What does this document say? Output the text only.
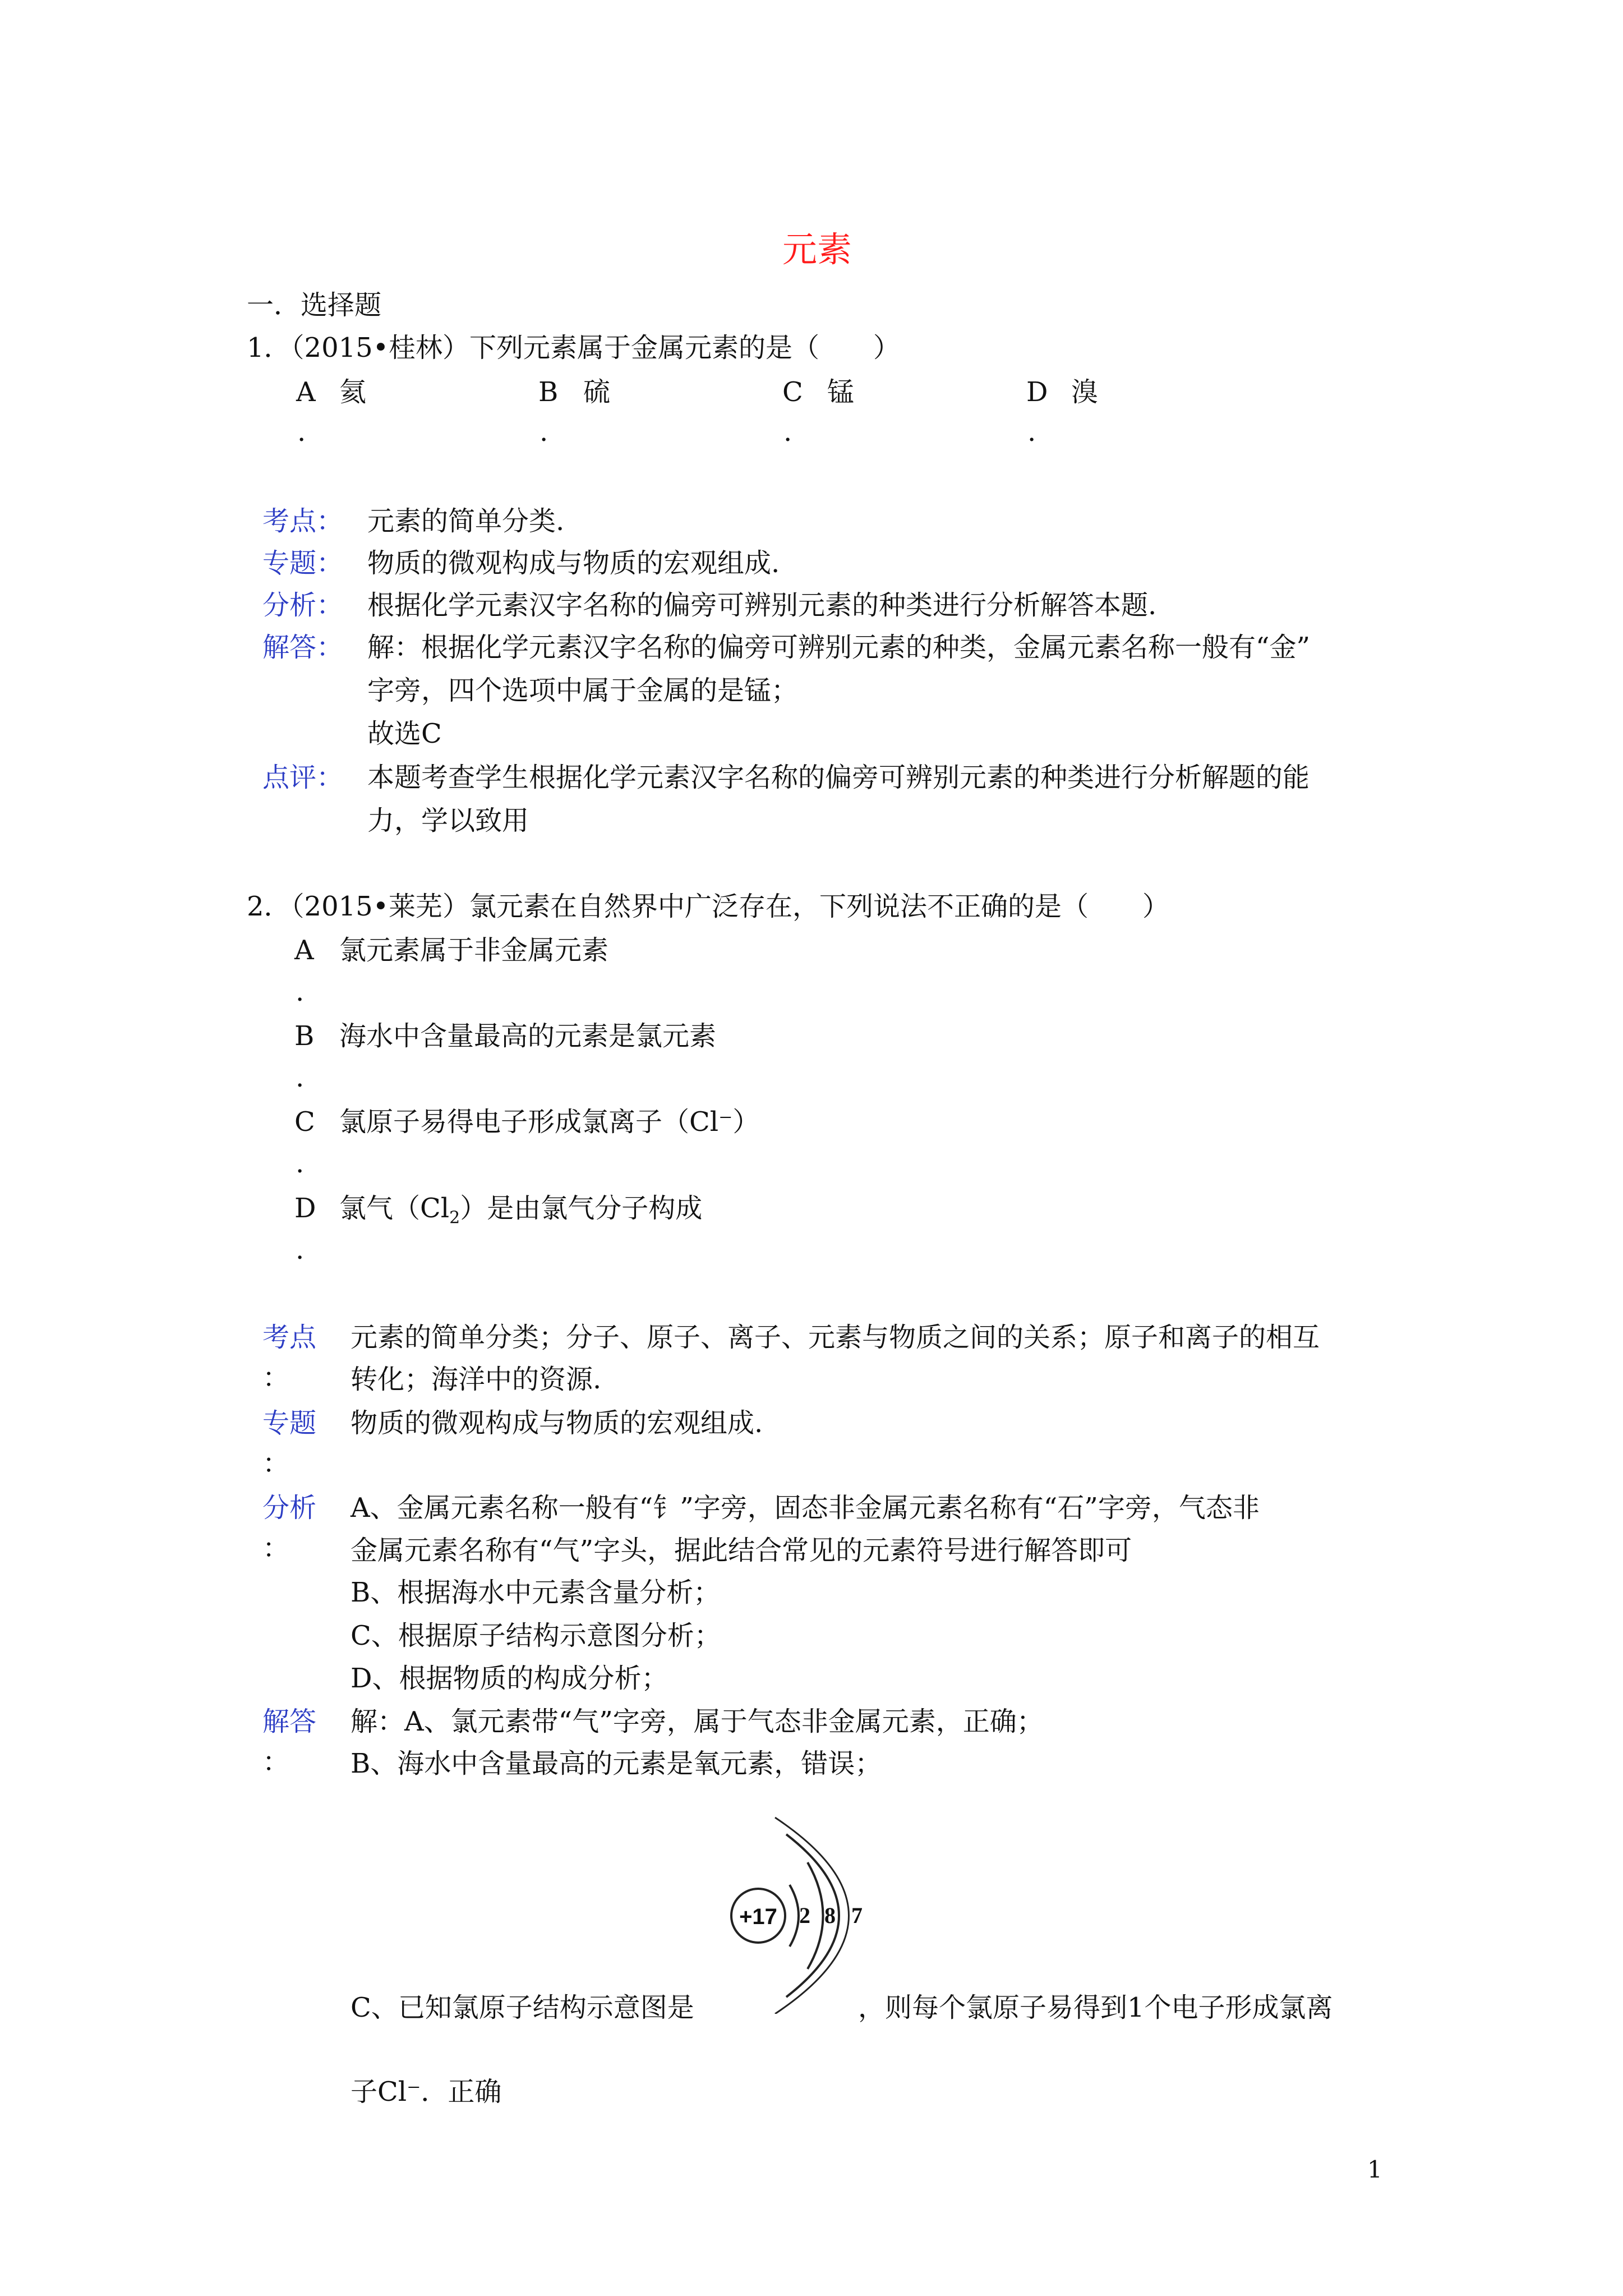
元素
一．选择题
1．（2015•桂林）下列元素属于金属元素的是（　　）
A 氦
.
B 硫
.
C 锰
.
D 溴
.
考点： 元素的简单分类.
专题： 物质的微观构成与物质的宏观组成.
分析： 根据化学元素汉字名称的偏旁可辨别元素的种类进行分析解答本题.
解答： 解：根据化学元素汉字名称的偏旁可辨别元素的种类，金属元素名称一般有“金”
字旁，四个选项中属于金属的是锰；
故选C
点评： 本题考查学生根据化学元素汉字名称的偏旁可辨别元素的种类进行分析解题的能
力，学以致用
2．（2015•莱芜）氯元素在自然界中广泛存在，下列说法不正确的是（　　）
A 氯元素属于非金属元素
.
B 海水中含量最高的元素是氯元素
.
C 氯原子易得电子形成氯离子（Cl⁻）
.
D 氯气$(Cl_2)$是由氯气分子构成
.
考点
：
元素的简单分类；分子、原子、离子、元素与物质之间的关系；原子和离子的相互
转化；海洋中的资源.
专题
：
物质的微观构成与物质的宏观组成.
分析
：
A、金属元素名称一般有“钅”字旁，固态非金属元素名称有“石”字旁，气态非
金属元素名称有“气”字头，据此结合常见的元素符号进行解答即可
B、根据海水中元素含量分析；
C、根据原子结构示意图分析；
D、根据物质的构成分析；
解答
：
解：A、氯元素带“气”字旁，属于气态非金属元素，正确；
B、海水中含量最高的元素是氧元素，错误；
+17 2 8 7
C、已知氯原子结构示意图是	，则每个氯原子易得到1个电子形成氯离
子Cl⁻．正确
1
